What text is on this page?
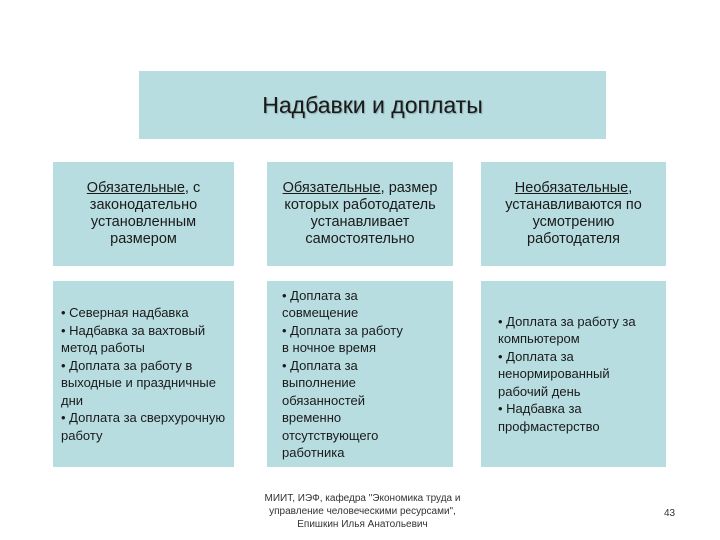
Надбавки и доплаты
Обязательные, с законодательно установленным размером
• Северная надбавка
• Надбавка за вахтовый метод работы
• Доплата за работу в выходные и праздничные дни
• Доплата за сверхурочную работу
Обязательные, размер которых работодатель устанавливает самостоятельно
• Доплата за совмещение
• Доплата за работу в ночное время
• Доплата за выполнение обязанностей временно отсутствующего работника
Необязательные, устанавливаются по усмотрению работодателя
• Доплата за работу за компьютером
• Доплата за ненормированный рабочий день
• Надбавка за профмастерство
МИИТ, ИЭФ, кафедра "Экономика труда и управление человеческими ресурсами", Епишкин Илья Анатольевич
43
